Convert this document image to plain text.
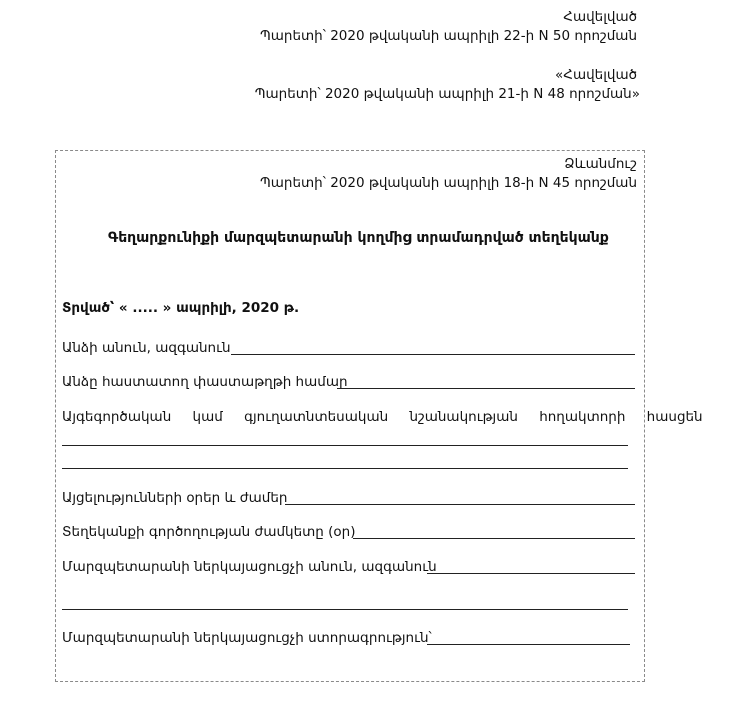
Հավելված
Պարետի՝ 2020 թվականի ապրիլի 22-ի N 50 որոշման
«Հավելված
Պարետի՝ 2020 թվականի ապրիլի 21-ի N 48 որոշման»
Ձևանմուշ
Պարետի՝ 2020 թվականի ապրիլի 18-ի N 45 որոշման
Գեղարքունիքի մարզպետարանի կողմից տրամադրված տեղեկանք
Տրված՝ « ..... » ապրիլի, 2020 թ.
Անձի անուն, ազգանուն
Անձը հաստատող փաստաթղթի համար
Այգեգործական կամ գյուղատնտեսական նշանակության հողակտորի հասցեն
Այցելությունների օրեր և ժամեր
Տեղեկանքի գործողության ժամկետը (օր)
Մարզպետարանի ներկայացուցչի անուն, ազգանուն
Մարզպետարանի ներկայացուցչի ստորագրություն՝
